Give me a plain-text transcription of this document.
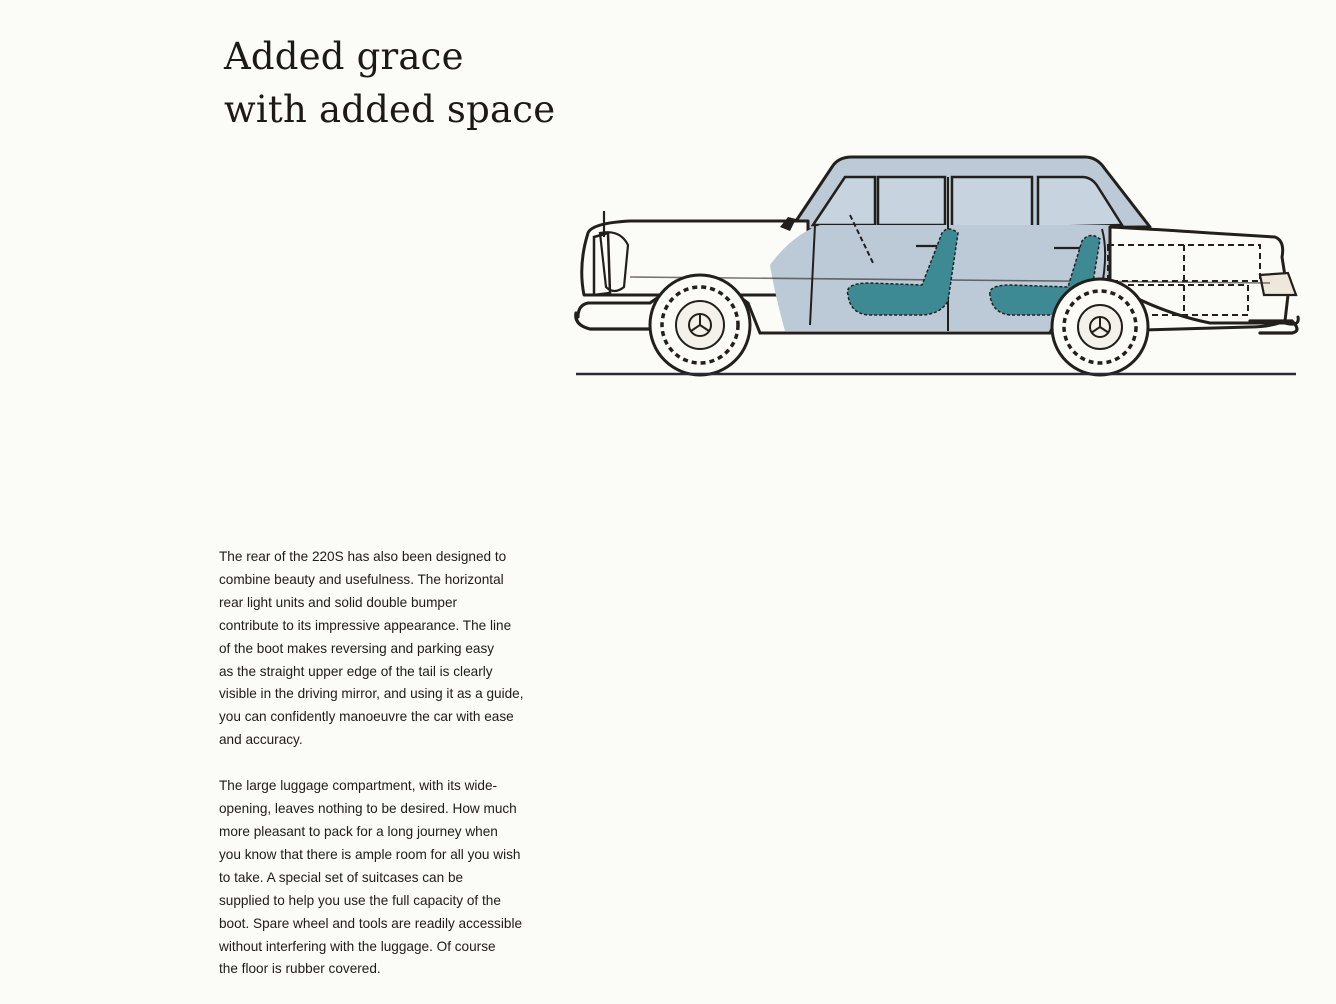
Added grace
with added space

The rear of the 220S has also been designed to
combine beauty and usefulness. The horizontal
rear light units and solid double bumper
contribute to its impressive appearance. The line
of the boot makes reversing and parking easy
as the straight upper edge of the tail is clearly
visible in the driving mirror, and using it as a guide,
you can confidently manoeuvre the car with ease
and accuracy.

The large luggage compartment, with its wide-
opening, leaves nothing to be desired. How much
more pleasant to pack for a long journey when
you know that there is ample room for all you wish
to take. A special set of suitcases can be
supplied to help you use the full capacity of the
boot. Spare wheel and tools are readily accessible
without interfering with the luggage. Of course
the floor is rubber covered.
